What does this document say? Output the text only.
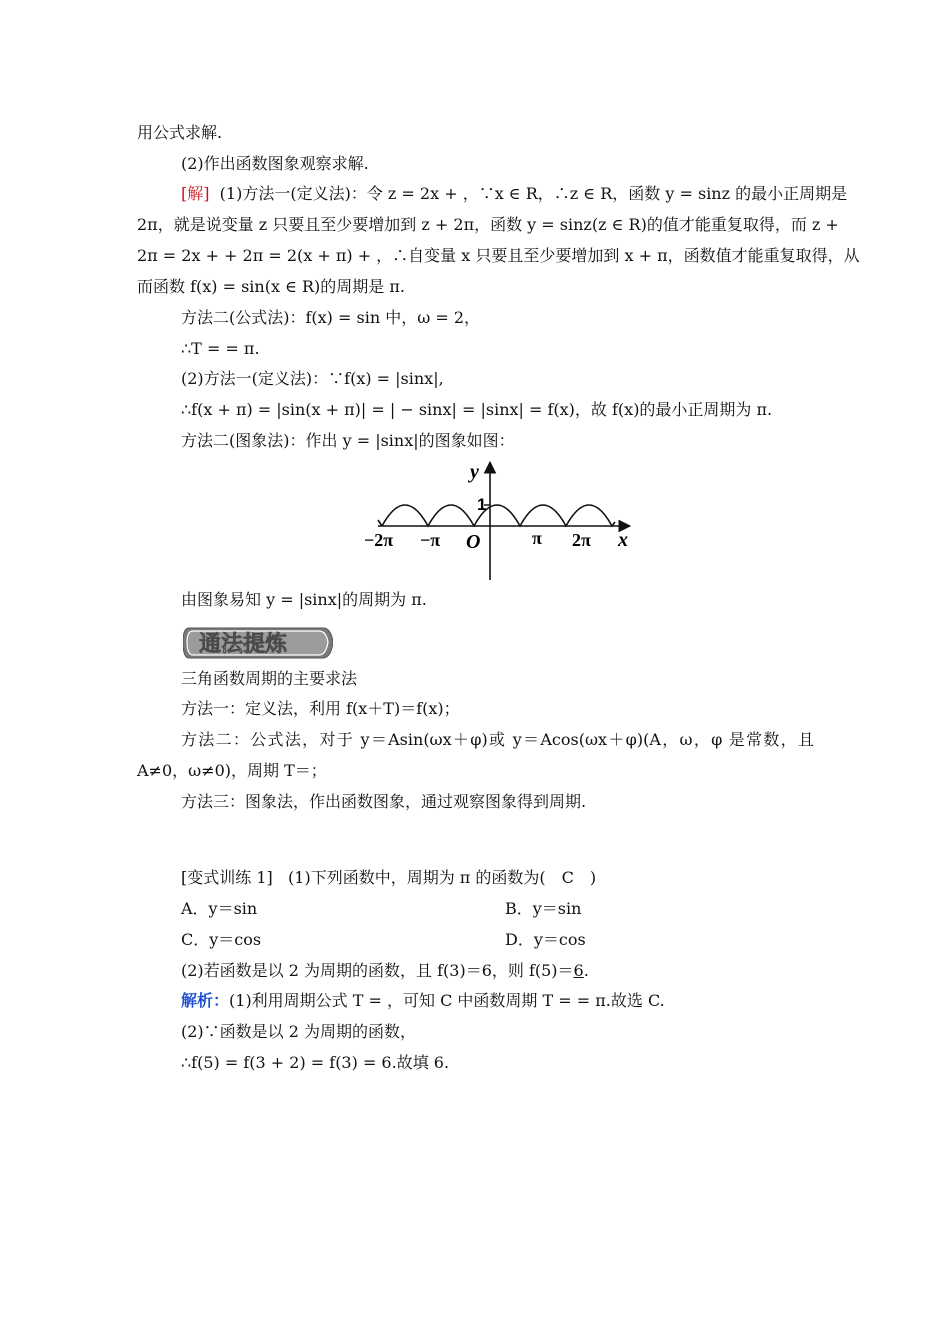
用公式求解.
(2)作出函数图象观察求解.
[解] (1)方法一(定义法)：令 z = 2x + ，∵x ∈ R，∴z ∈ R，函数 y = sinz 的最小正周期是
2π，就是说变量 z 只要且至少要增加到 z + 2π，函数 y = sinz(z ∈ R)的值才能重复取得，而 z +
2π = 2x + + 2π = 2(x + π) + ，∴自变量 x 只要且至少要增加到 x + π，函数值才能重复取得，从
而函数 f(x) = sin(x ∈ R)的周期是 π.
方法二(公式法)：f(x) = sin 中，ω = 2，
∴T = = π.
(2)方法一(定义法)：∵f(x) = |sinx|,
∴f(x + π) = |sin(x + π)| = | − sinx| = |sinx| = f(x)，故 f(x)的最小正周期为 π.
方法二(图象法)：作出 y = |sinx|的图象如图：
y
x
1
O
−2π −π	π 2π
由图象易知 y = |sinx|的周期为 π.
通法提炼
三角函数周期的主要求法
方法一：定义法，利用 f(x＋T)＝f(x)；
方法二：公式法，对于 y＝Asin(ωx＋φ)或 y＝Acos(ωx＋φ)(A，ω，φ 是常数，且
A≠0，ω≠0)，周期 T＝；
方法三：图象法，作出函数图象，通过观察图象得到周期.
[变式训练 1] (1)下列函数中，周期为 π 的函数为(　C　)
A．y＝sin	B．y＝sin
C．y＝cos	D．y＝cos
(2)若函数是以 2 为周期的函数，且 f(3)＝6，则 f(5)＝6.
解析：(1)利用周期公式 T = ，可知 C 中函数周期 T = = π.故选 C.
(2)∵函数是以 2 为周期的函数，
∴f(5) = f(3 + 2) = f(3) = 6.故填 6.
